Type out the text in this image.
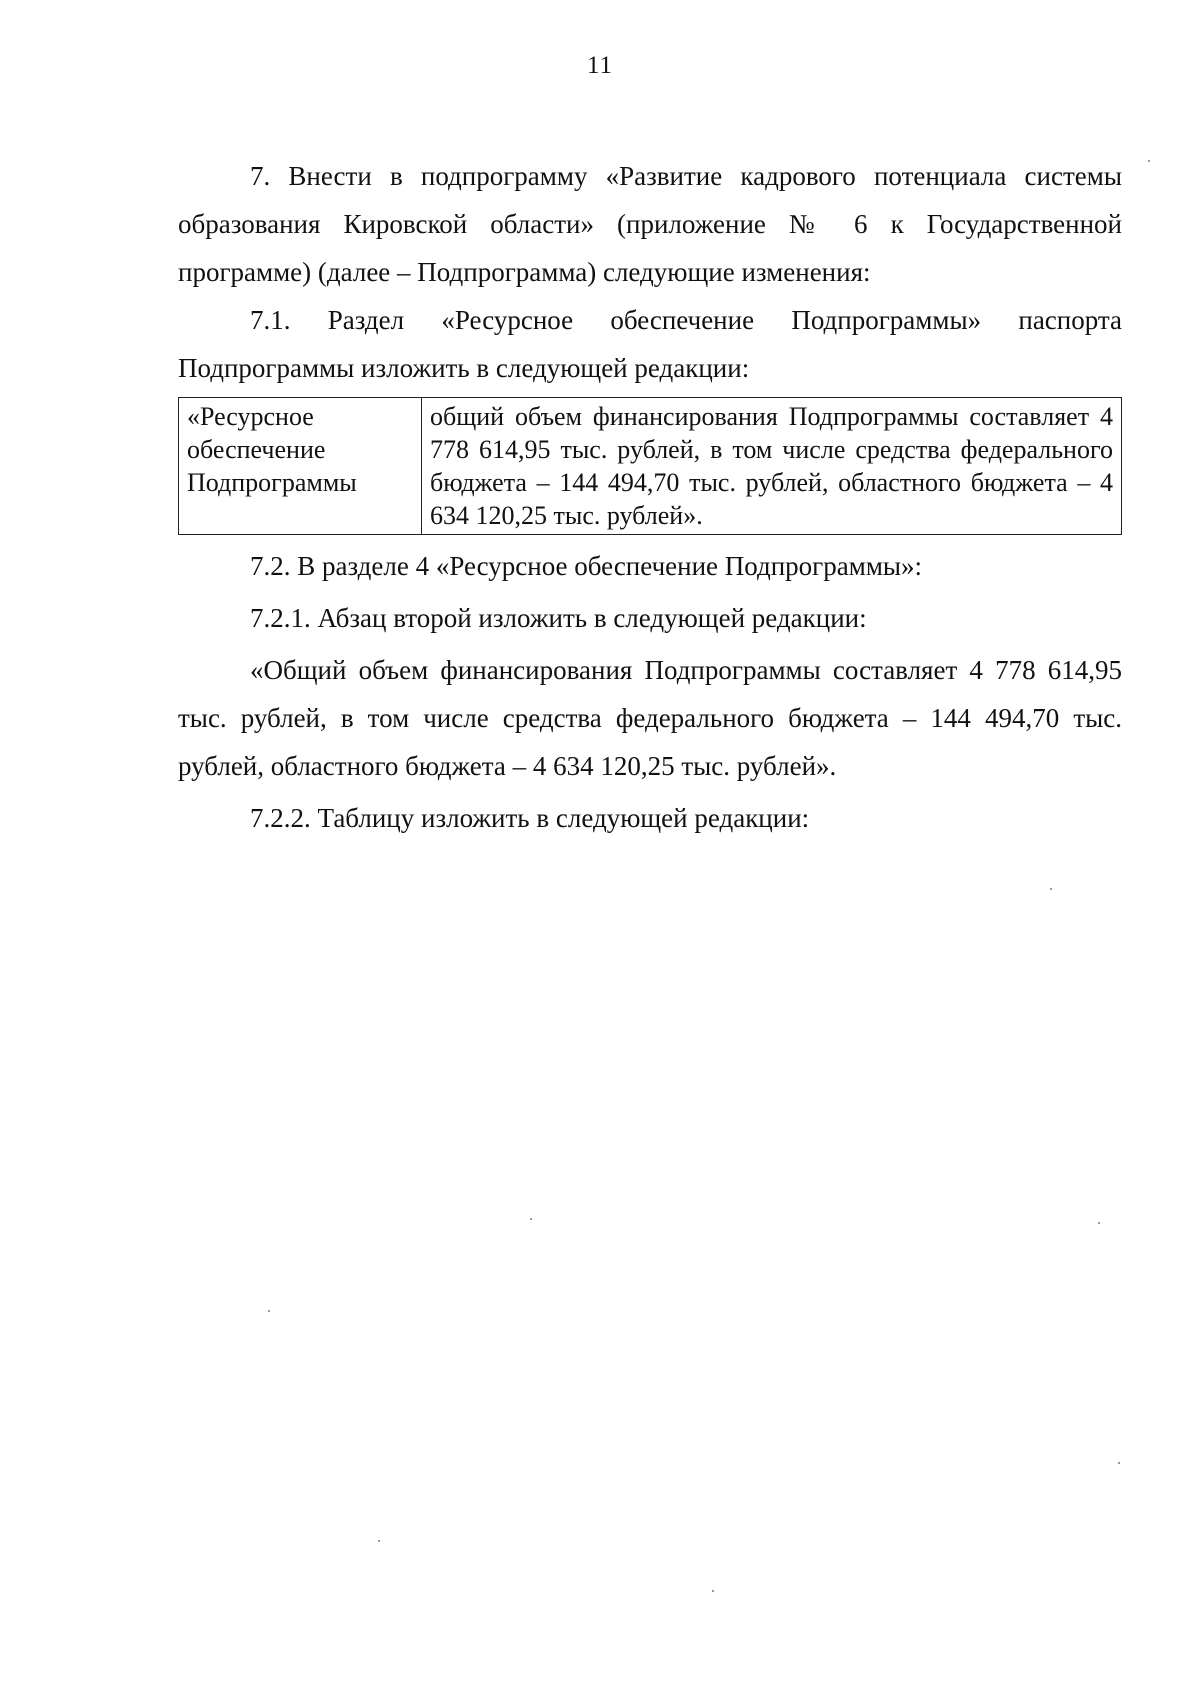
11

7. Внести в подпрограмму «Развитие кадрового потенциала системы образования Кировской области» (приложение № 6 к Государственной программе) (далее – Подпрограмма) следующие изменения:

7.1. Раздел «Ресурсное обеспечение Подпрограммы» паспорта

Подпрограммы изложить в следующей редакции:

«Ресурсное обеспечение Подпрограммы	общий объем финансирования Подпрограммы составляет 4 778 614,95 тыс. рублей, в том числе средства федерального бюджета – 144 494,70 тыс. рублей, областного бюджета – 4 634 120,25 тыс. рублей».

7.2. В разделе 4 «Ресурсное обеспечение Подпрограммы»:

7.2.1. Абзац второй изложить в следующей редакции:

«Общий объем финансирования Подпрограммы составляет 4 778 614,95 тыс. рублей, в том числе средства федерального бюджета – 144 494,70 тыс. рублей, областного бюджета – 4 634 120,25 тыс. рублей».

7.2.2. Таблицу изложить в следующей редакции:
